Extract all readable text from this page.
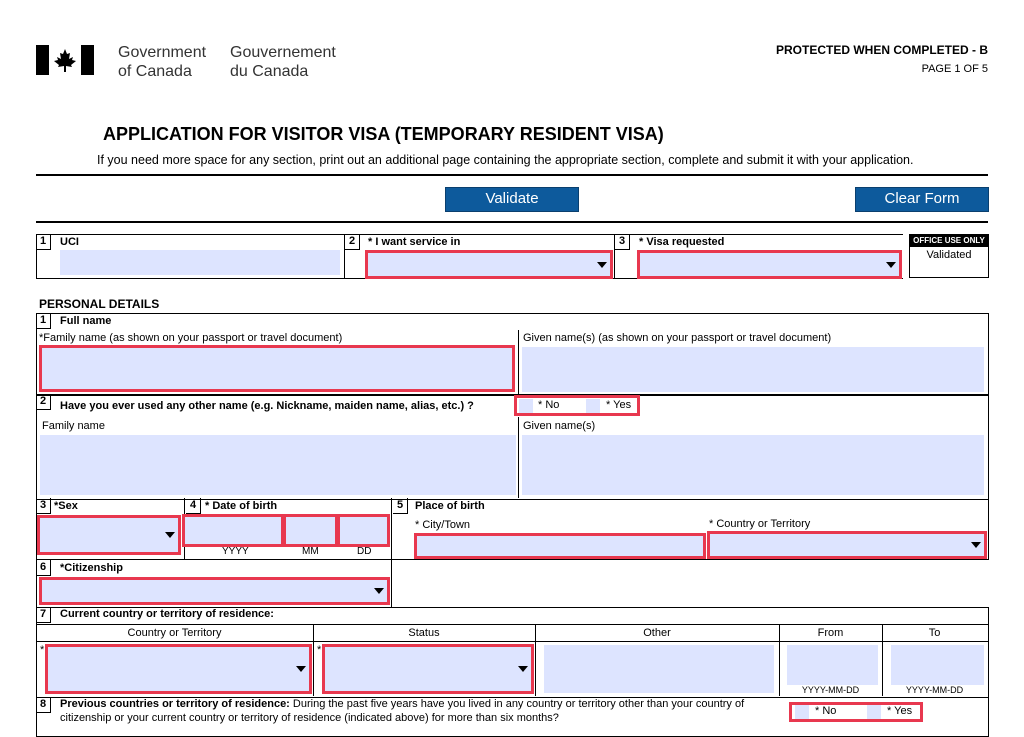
Government
of Canada
Gouvernement
du Canada
PROTECTED WHEN COMPLETED - B
PAGE 1 OF 5
APPLICATION FOR VISITOR VISA (TEMPORARY RESIDENT VISA)
If you need more space for any section, print out an additional page containing the appropriate section, complete and submit it with your application.
Validate	Clear Form
1	UCI	2	* I want service in	3	* Visa requested	OFFICE USE ONLY
Validated
PERSONAL DETAILS
1	Full name
*Family name (as shown on your passport or travel document)	Given name(s) (as shown on your passport or travel document)
2	Have you ever used any other name (e.g. Nickname, maiden name, alias, etc.) ?	* No	* Yes
Family name	Given name(s)
3 *Sex	4 * Date of birth
YYYY	MM	DD
5	Place of birth
* City/Town	* Country or Territory
6	*Citizenship
7	Current country or territory of residence:
Country or Territory	Status	Other	From	To
*	*
YYYY-MM-DD	YYYY-MM-DD
8	Previous countries or territory of residence: During the past five years have you lived in any country or territory other than your country of
citizenship or your current country or territory of residence (indicated above) for more than six months?
* No	* Yes
